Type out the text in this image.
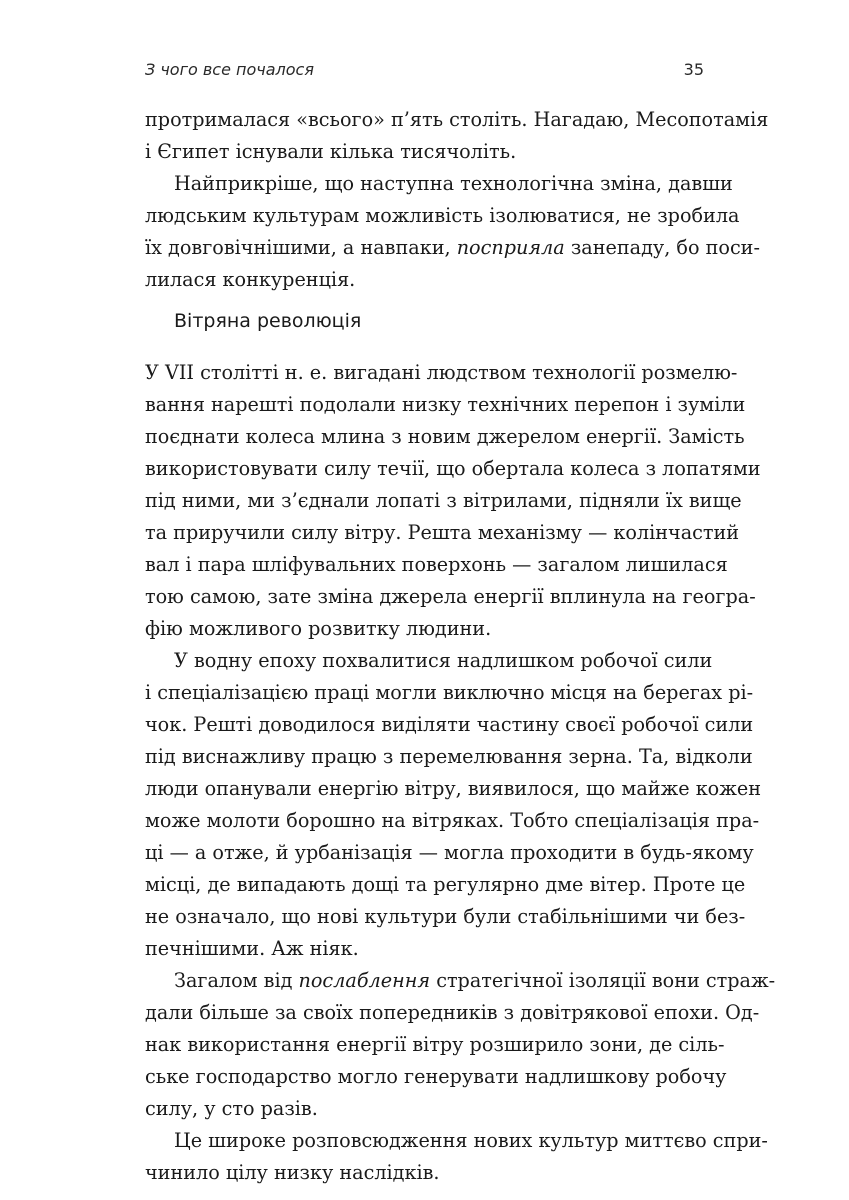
З чого все почалося	35
протрималася «всього» п’ять століть. Нагадаю, Месопотамія
і Єгипет існували кілька тисячоліть.
Найприкріше, що наступна технологічна зміна, давши
людським культурам можливість ізолюватися, не зробила
їх довговічнішими, а навпаки, посприяла занепаду, бо поси-
лилася конкуренція.
Вітряна революція
У VII столітті н. е. вигадані людством технології розмелю-
вання нарешті подолали низку технічних перепон і зуміли
поєднати колеса млина з новим джерелом енергії. Замість
використовувати силу течії, що обертала колеса з лопатями
під ними, ми з’єднали лопаті з вітрилами, підняли їх вище
та приручили силу вітру. Решта механізму — колінчастий
вал і пара шліфувальних поверхонь — загалом лишилася
тою самою, зате зміна джерела енергії вплинула на геогра-
фію можливого розвитку людини.
У водну епоху похвалитися надлишком робочої сили
і спеціалізацією праці могли виключно місця на берегах рі-
чок. Решті доводилося виділяти частину своєї робочої сили
під виснажливу працю з перемелювання зерна. Та, відколи
люди опанували енергію вітру, виявилося, що майже кожен
може молоти борошно на вітряках. Тобто спеціалізація пра-
ці — а отже, й урбанізація — могла проходити в будь-якому
місці, де випадають дощі та регулярно дме вітер. Проте це
не означало, що нові культури були стабільнішими чи без-
печнішими. Аж ніяк.
Загалом від послаблення стратегічної ізоляції вони страж-
дали більше за своїх попередників з довітрякової епохи. Од-
нак використання енергії вітру розширило зони, де сіль-
ське господарство могло генерувати надлишкову робочу
силу, у сто разів.
Це широке розповсюдження нових культур миттєво спри-
чинило цілу низку наслідків.
